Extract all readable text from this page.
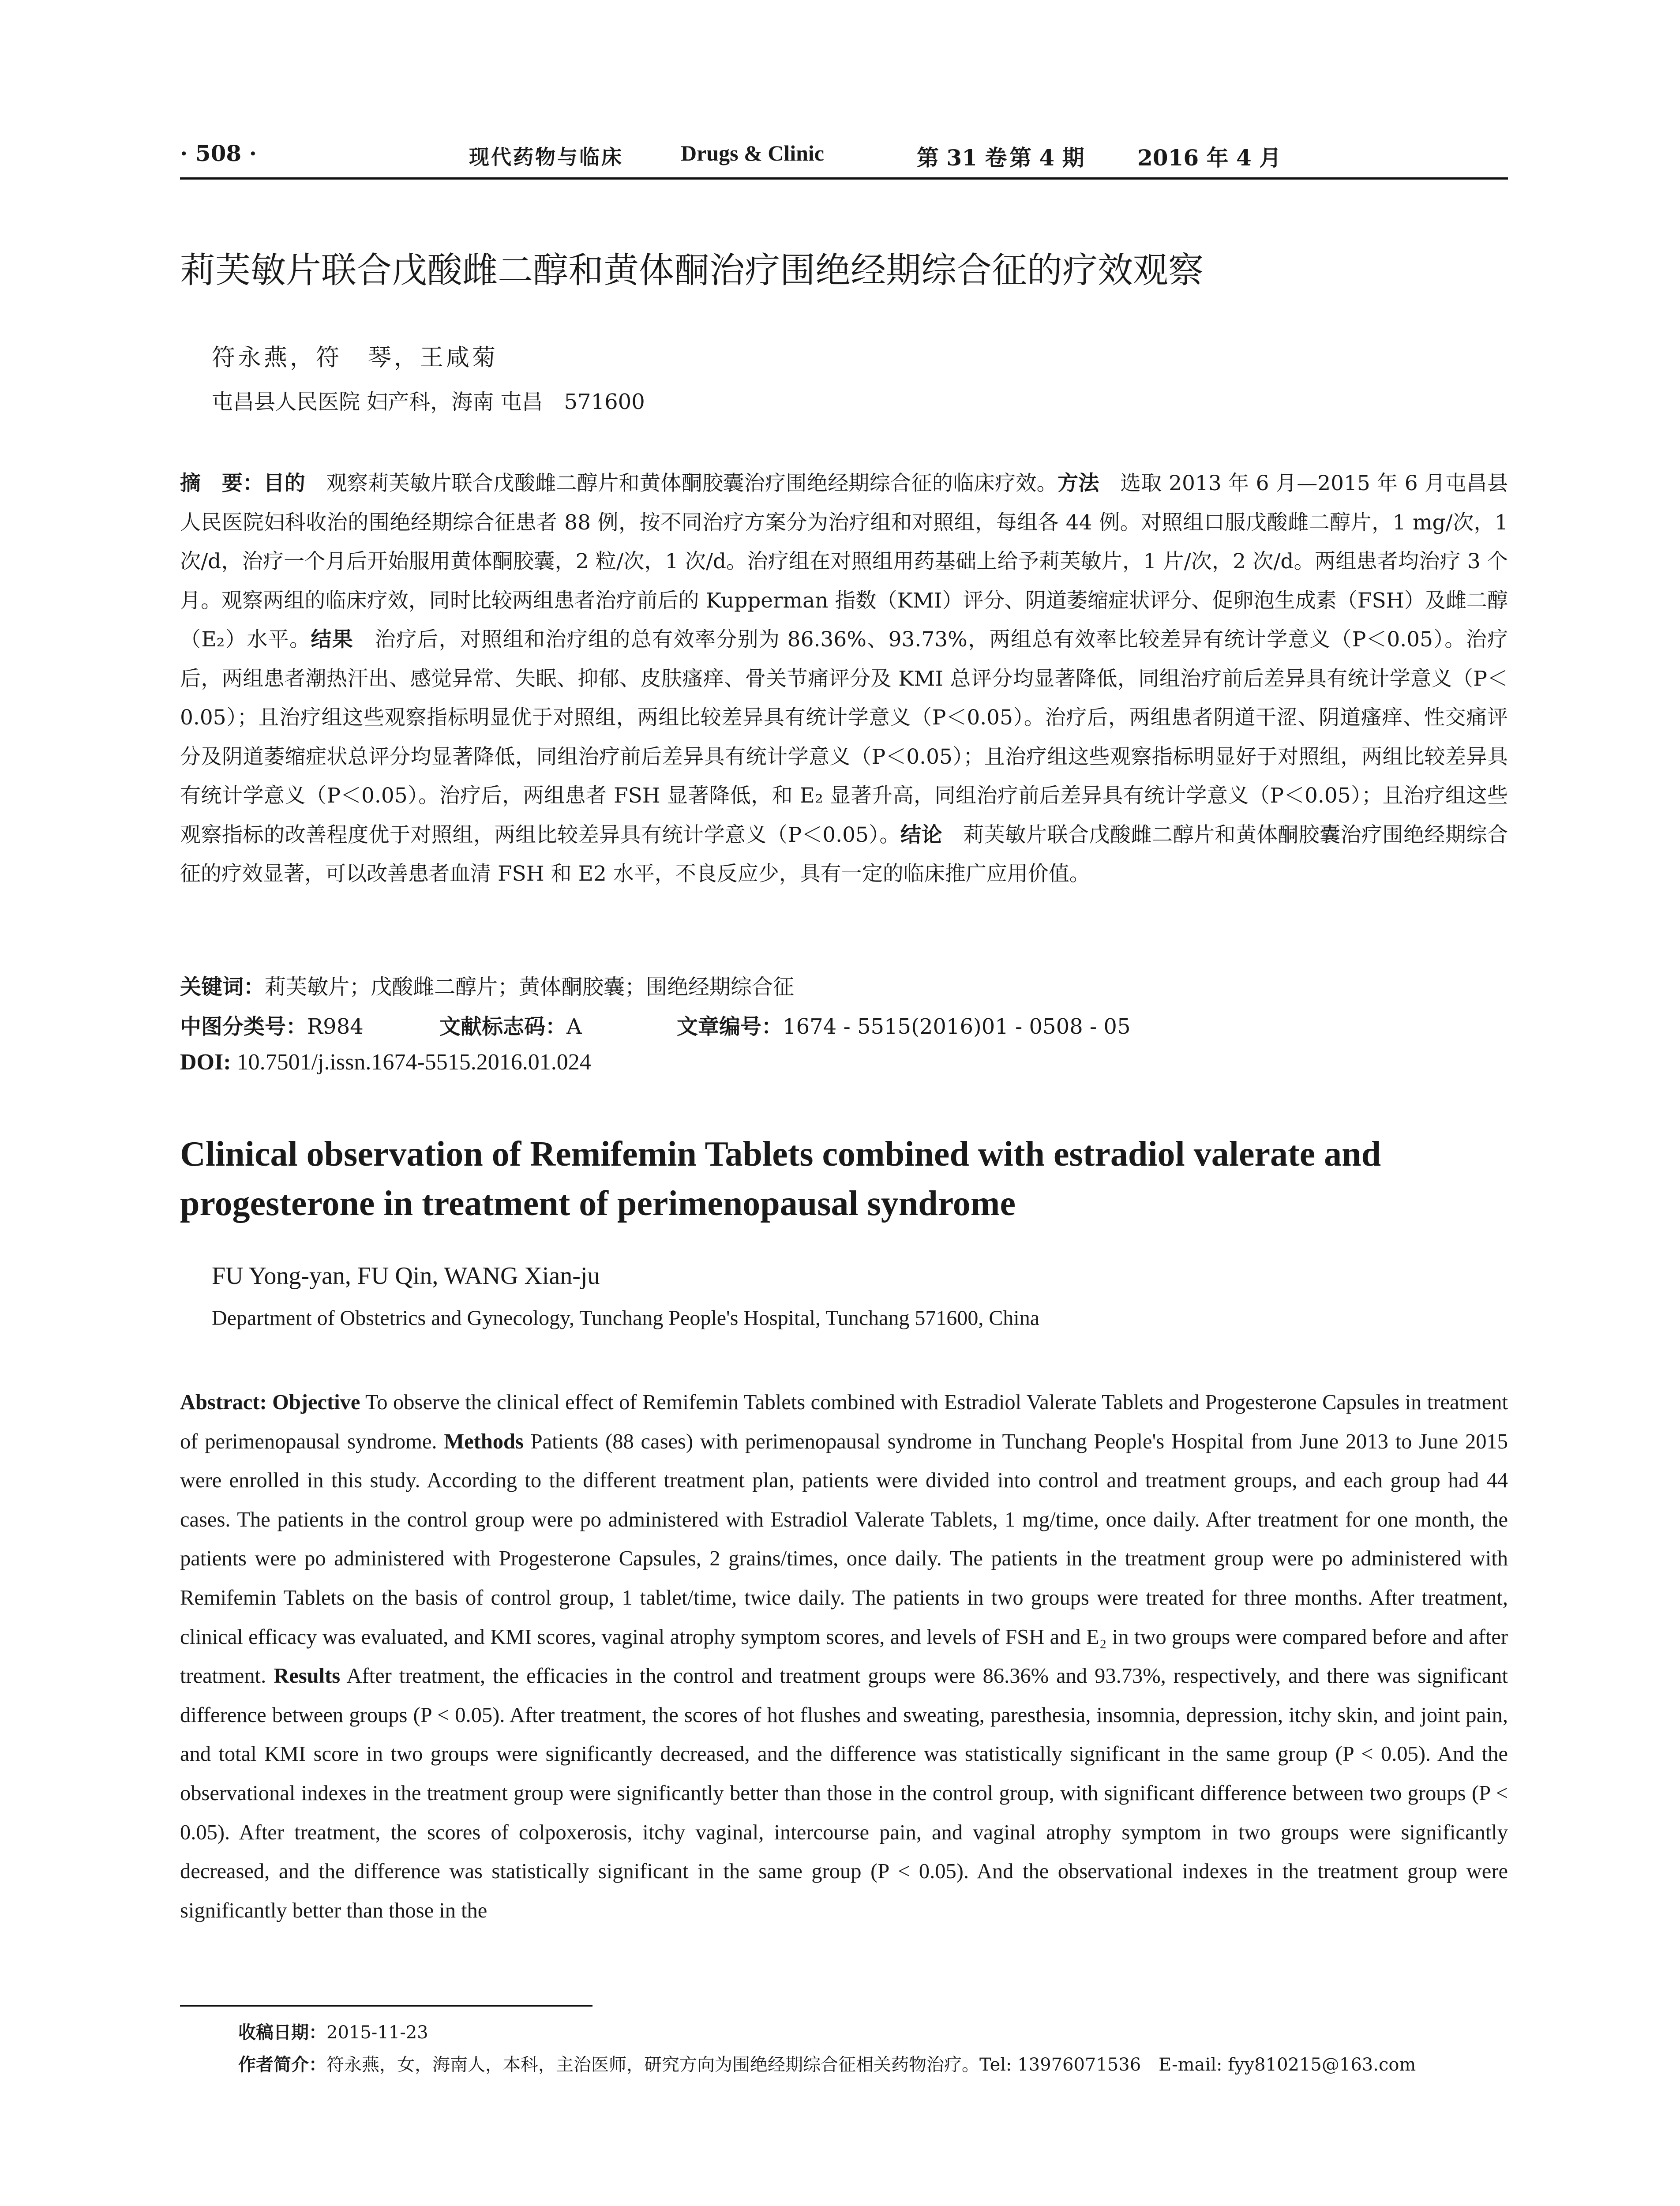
· 508 ·	现代药物与临床	Drugs & Clinic	第 31 卷 第 4 期 2016 年 4 月
莉芙敏片联合戊酸雌二醇和黄体酮治疗围绝经期综合征的疗效观察
符永燕，符　琴，王咸菊
屯昌县人民医院 妇产科，海南 屯昌　571600
摘　要：目的　观察莉芙敏片联合戊酸雌二醇片和黄体酮胶囊治疗围绝经期综合征的临床疗效。方法　选取 2013 年 6 月—2015 年 6 月屯昌县人民医院妇科收治的围绝经期综合征患者 88 例，按不同治疗方案分为治疗组和对照组，每组各 44 例。对照组口服戊酸雌二醇片，1 mg/次，1 次/d，治疗一个月后开始服用黄体酮胶囊，2 粒/次，1 次/d。治疗组在对照组用药基础上给予莉芙敏片，1 片/次，2 次/d。两组患者均治疗 3 个月。观察两组的临床疗效，同时比较两组患者治疗前后的 Kupperman 指数（KMI）评分、阴道萎缩症状评分、促卵泡生成素（FSH）及雌二醇（E₂）水平。结果　治疗后，对照组和治疗组的总有效率分别为 86.36%、93.73%，两组总有效率比较差异有统计学意义（P＜0.05）。治疗后，两组患者潮热汗出、感觉异常、失眠、抑郁、皮肤瘙痒、骨关节痛评分及 KMI 总评分均显著降低，同组治疗前后差异具有统计学意义（P＜0.05）；且治疗组这些观察指标明显优于对照组，两组比较差异具有统计学意义（P＜0.05）。治疗后，两组患者阴道干涩、阴道瘙痒、性交痛评分及阴道萎缩症状总评分均显著降低，同组治疗前后差异具有统计学意义（P＜0.05）；且治疗组这些观察指标明显好于对照组，两组比较差异具有统计学意义（P＜0.05）。治疗后，两组患者 FSH 显著降低，和 E₂ 显著升高，同组治疗前后差异具有统计学意义（P＜0.05）；且治疗组这些观察指标的改善程度优于对照组，两组比较差异具有统计学意义（P＜0.05）。结论　莉芙敏片联合戊酸雌二醇片和黄体酮胶囊治疗围绝经期综合征的疗效显著，可以改善患者血清 FSH 和 E2 水平，不良反应少，具有一定的临床推广应用价值。
关键词：莉芙敏片；戊酸雌二醇片；黄体酮胶囊；围绝经期综合征
中图分类号：R984	文献标志码：A	文章编号：1674 - 5515(2016)01 - 0508 - 05
DOI: 10.7501/j.issn.1674-5515.2016.01.024
Clinical observation of Remifemin Tablets combined with estradiol valerate and progesterone in treatment of perimenopausal syndrome
FU Yong-yan, FU Qin, WANG Xian-ju
Department of Obstetrics and Gynecology, Tunchang People's Hospital, Tunchang 571600, China
Abstract: Objective To observe the clinical effect of Remifemin Tablets combined with Estradiol Valerate Tablets and Progesterone Capsules in treatment of perimenopausal syndrome. Methods Patients (88 cases) with perimenopausal syndrome in Tunchang People's Hospital from June 2013 to June 2015 were enrolled in this study. According to the different treatment plan, patients were divided into control and treatment groups, and each group had 44 cases. The patients in the control group were po administered with Estradiol Valerate Tablets, 1 mg/time, once daily. After treatment for one month, the patients were po administered with Progesterone Capsules, 2 grains/times, once daily. The patients in the treatment group were po administered with Remifemin Tablets on the basis of control group, 1 tablet/time, twice daily. The patients in two groups were treated for three months. After treatment, clinical efficacy was evaluated, and KMI scores, vaginal atrophy symptom scores, and levels of FSH and E₂ in two groups were compared before and after treatment. Results After treatment, the efficacies in the control and treatment groups were 86.36% and 93.73%, respectively, and there was significant difference between groups (P < 0.05). After treatment, the scores of hot flushes and sweating, paresthesia, insomnia, depression, itchy skin, and joint pain, and total KMI score in two groups were significantly decreased, and the difference was statistically significant in the same group (P < 0.05). And the observational indexes in the treatment group were significantly better than those in the control group, with significant difference between two groups (P < 0.05). After treatment, the scores of colpoxerosis, itchy vaginal, intercourse pain, and vaginal atrophy symptom in two groups were significantly decreased, and the difference was statistically significant in the same group (P < 0.05). And the observational indexes in the treatment group were significantly better than those in the
收稿日期：2015-11-23
作者简介：符永燕，女，海南人，本科，主治医师，研究方向为围绝经期综合征相关药物治疗。Tel: 13976071536　E-mail: fyy810215@163.com
